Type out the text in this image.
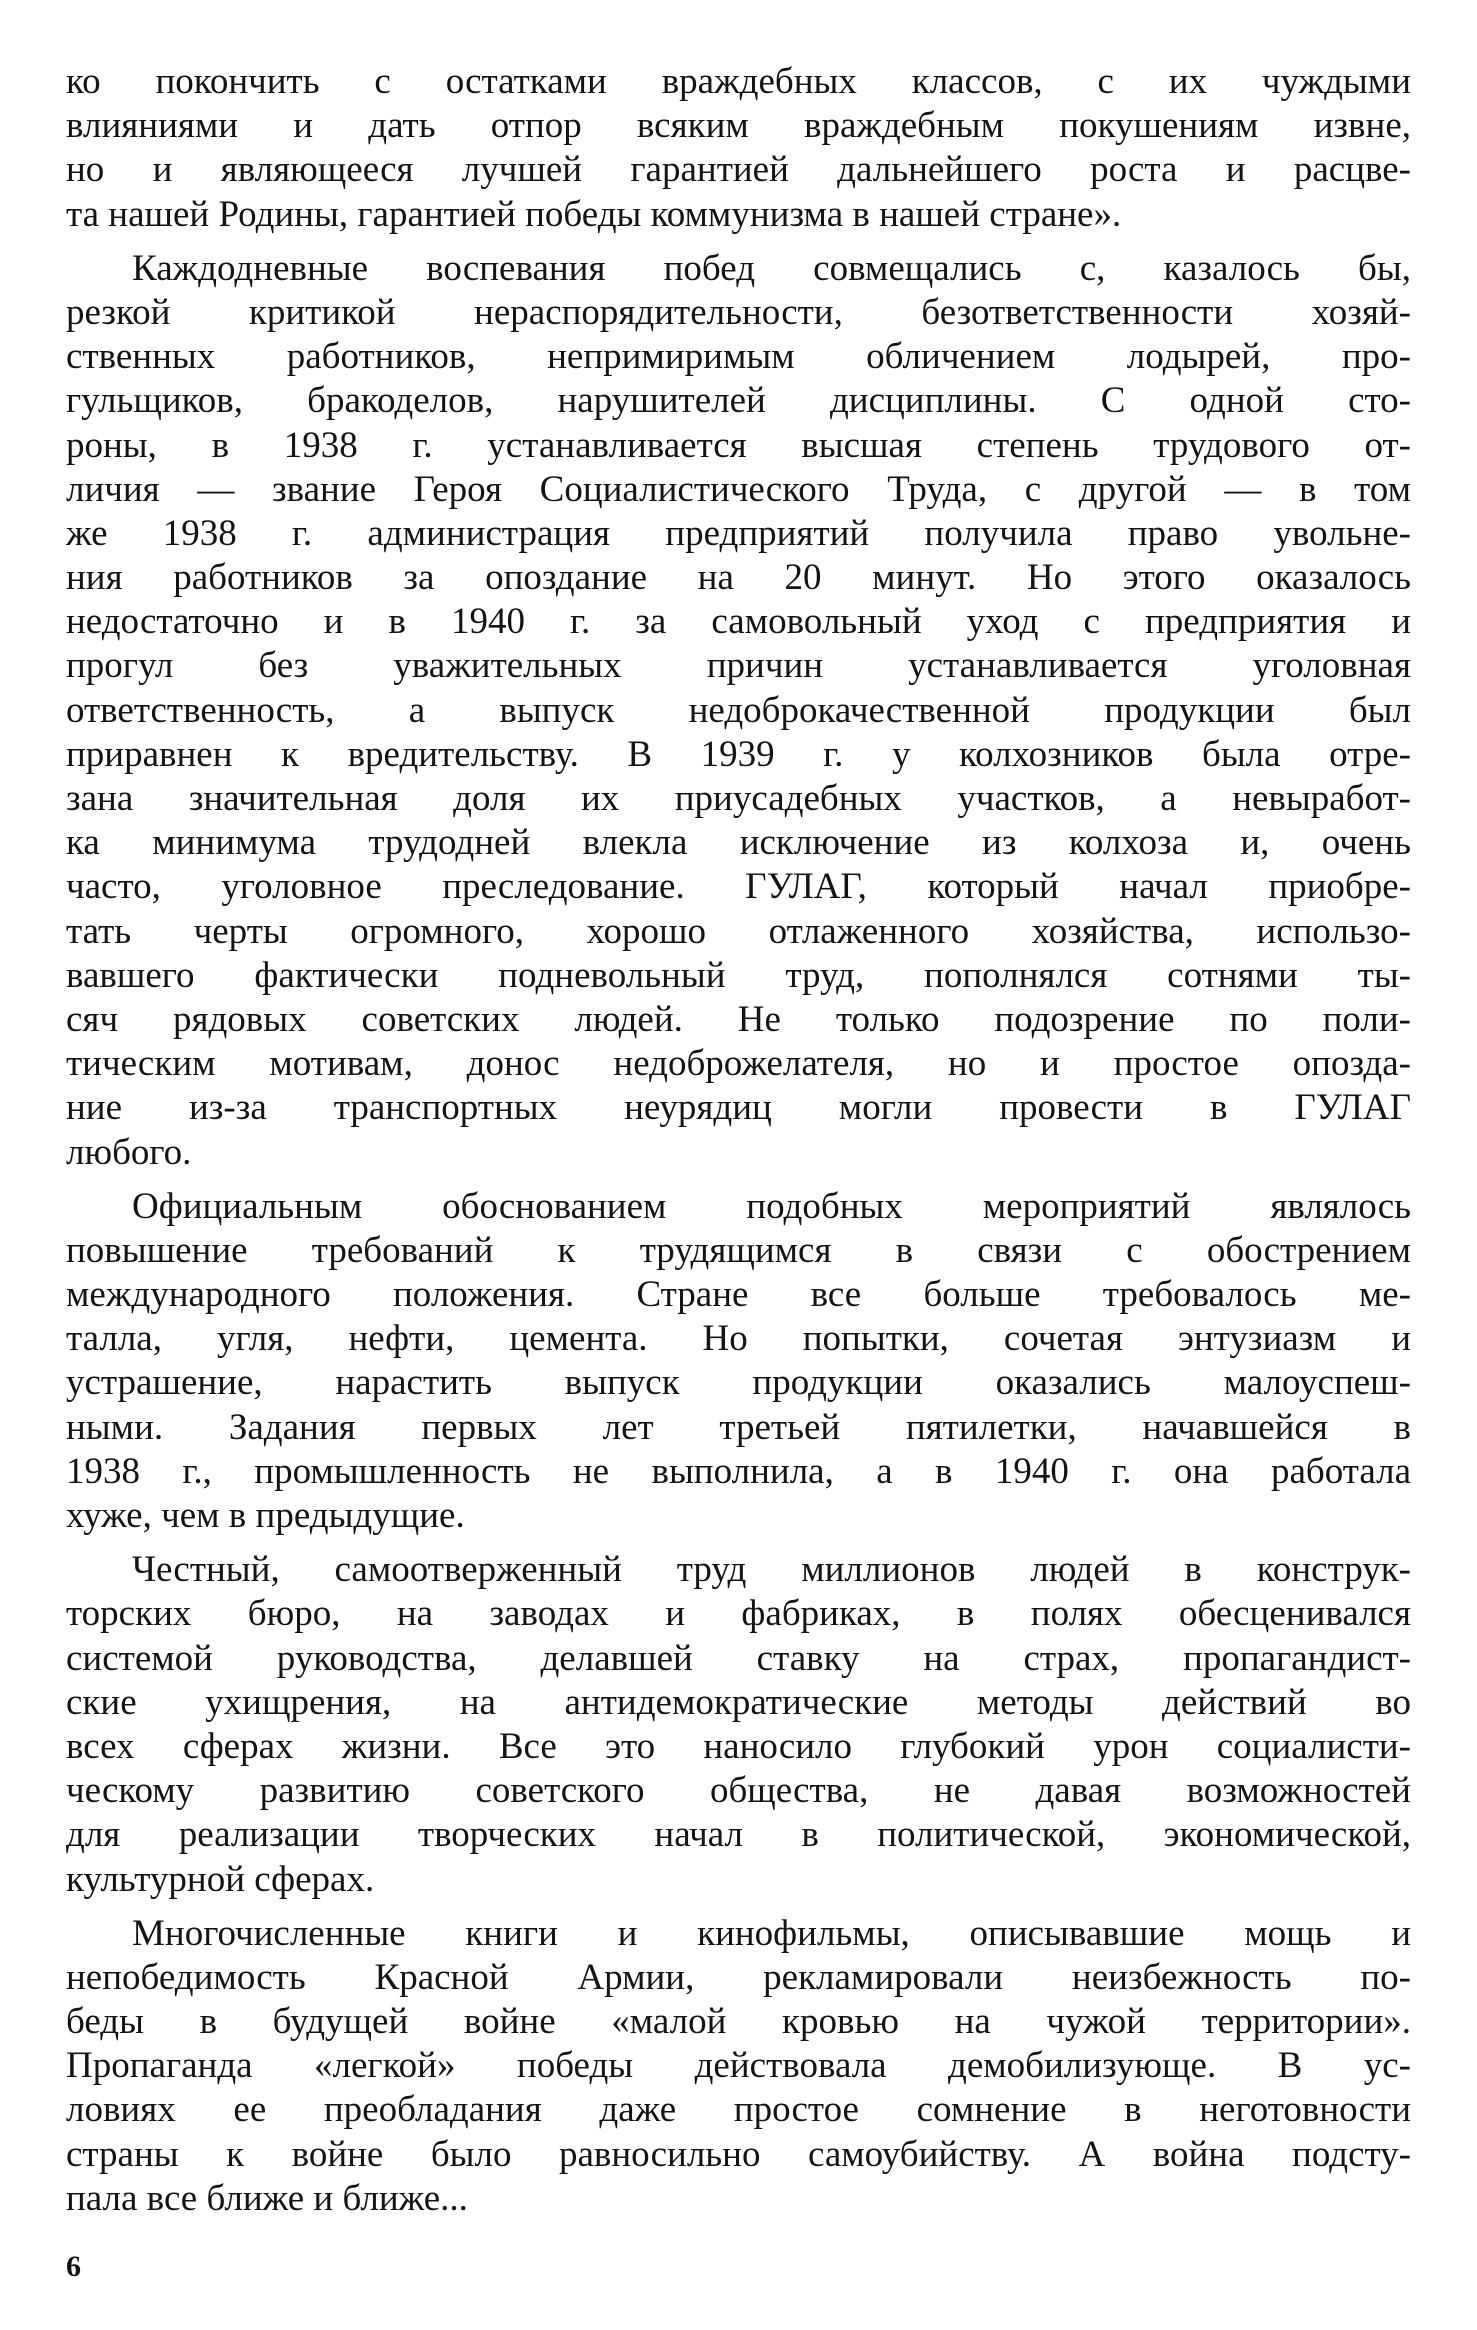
ко покончить с остатками враждебных классов, с их чуждыми
влияниями и дать отпор всяким враждебным покушениям извне,
но и являющееся лучшей гарантией дальнейшего роста и расцве-
та нашей Родины, гарантией победы коммунизма в нашей стране».
Каждодневные воспевания побед совмещались с, казалось бы,
резкой критикой нераспорядительности, безответственности хозяй-
ственных работников, непримиримым обличением лодырей, про-
гульщиков, бракоделов, нарушителей дисциплины. С одной сто-
роны, в 1938 г. устанавливается высшая степень трудового от-
личия — звание Героя Социалистического Труда, с другой — в том
же 1938 г. администрация предприятий получила право увольне-
ния работников за опоздание на 20 минут. Но этого оказалось
недостаточно и в 1940 г. за самовольный уход с предприятия и
прогул без уважительных причин устанавливается уголовная
ответственность, а выпуск недоброкачественной продукции был
приравнен к вредительству. В 1939 г. у колхозников была отре-
зана значительная доля их приусадебных участков, а невыработ-
ка минимума трудодней влекла исключение из колхоза и, очень
часто, уголовное преследование. ГУЛАГ, который начал приобре-
тать черты огромного, хорошо отлаженного хозяйства, использо-
вавшего фактически подневольный труд, пополнялся сотнями ты-
сяч рядовых советских людей. Не только подозрение по поли-
тическим мотивам, донос недоброжелателя, но и простое опозда-
ние из-за транспортных неурядиц могли провести в ГУЛАГ
любого.
Официальным обоснованием подобных мероприятий являлось
повышение требований к трудящимся в связи с обострением
международного положения. Стране все больше требовалось ме-
талла, угля, нефти, цемента. Но попытки, сочетая энтузиазм и
устрашение, нарастить выпуск продукции оказались малоуспеш-
ными. Задания первых лет третьей пятилетки, начавшейся в
1938 г., промышленность не выполнила, а в 1940 г. она работала
хуже, чем в предыдущие.
Честный, самоотверженный труд миллионов людей в конструк-
торских бюро, на заводах и фабриках, в полях обесценивался
системой руководства, делавшей ставку на страх, пропагандист-
ские ухищрения, на антидемократические методы действий во
всех сферах жизни. Все это наносило глубокий урон социалисти-
ческому развитию советского общества, не давая возможностей
для реализации творческих начал в политической, экономической,
культурной сферах.
Многочисленные книги и кинофильмы, описывавшие мощь и
непобедимость Красной Армии, рекламировали неизбежность по-
беды в будущей войне «малой кровью на чужой территории».
Пропаганда «легкой» победы действовала демобилизующе. В ус-
ловиях ее преобладания даже простое сомнение в неготовности
страны к войне было равносильно самоубийству. А война подсту-
пала все ближе и ближе...
6
